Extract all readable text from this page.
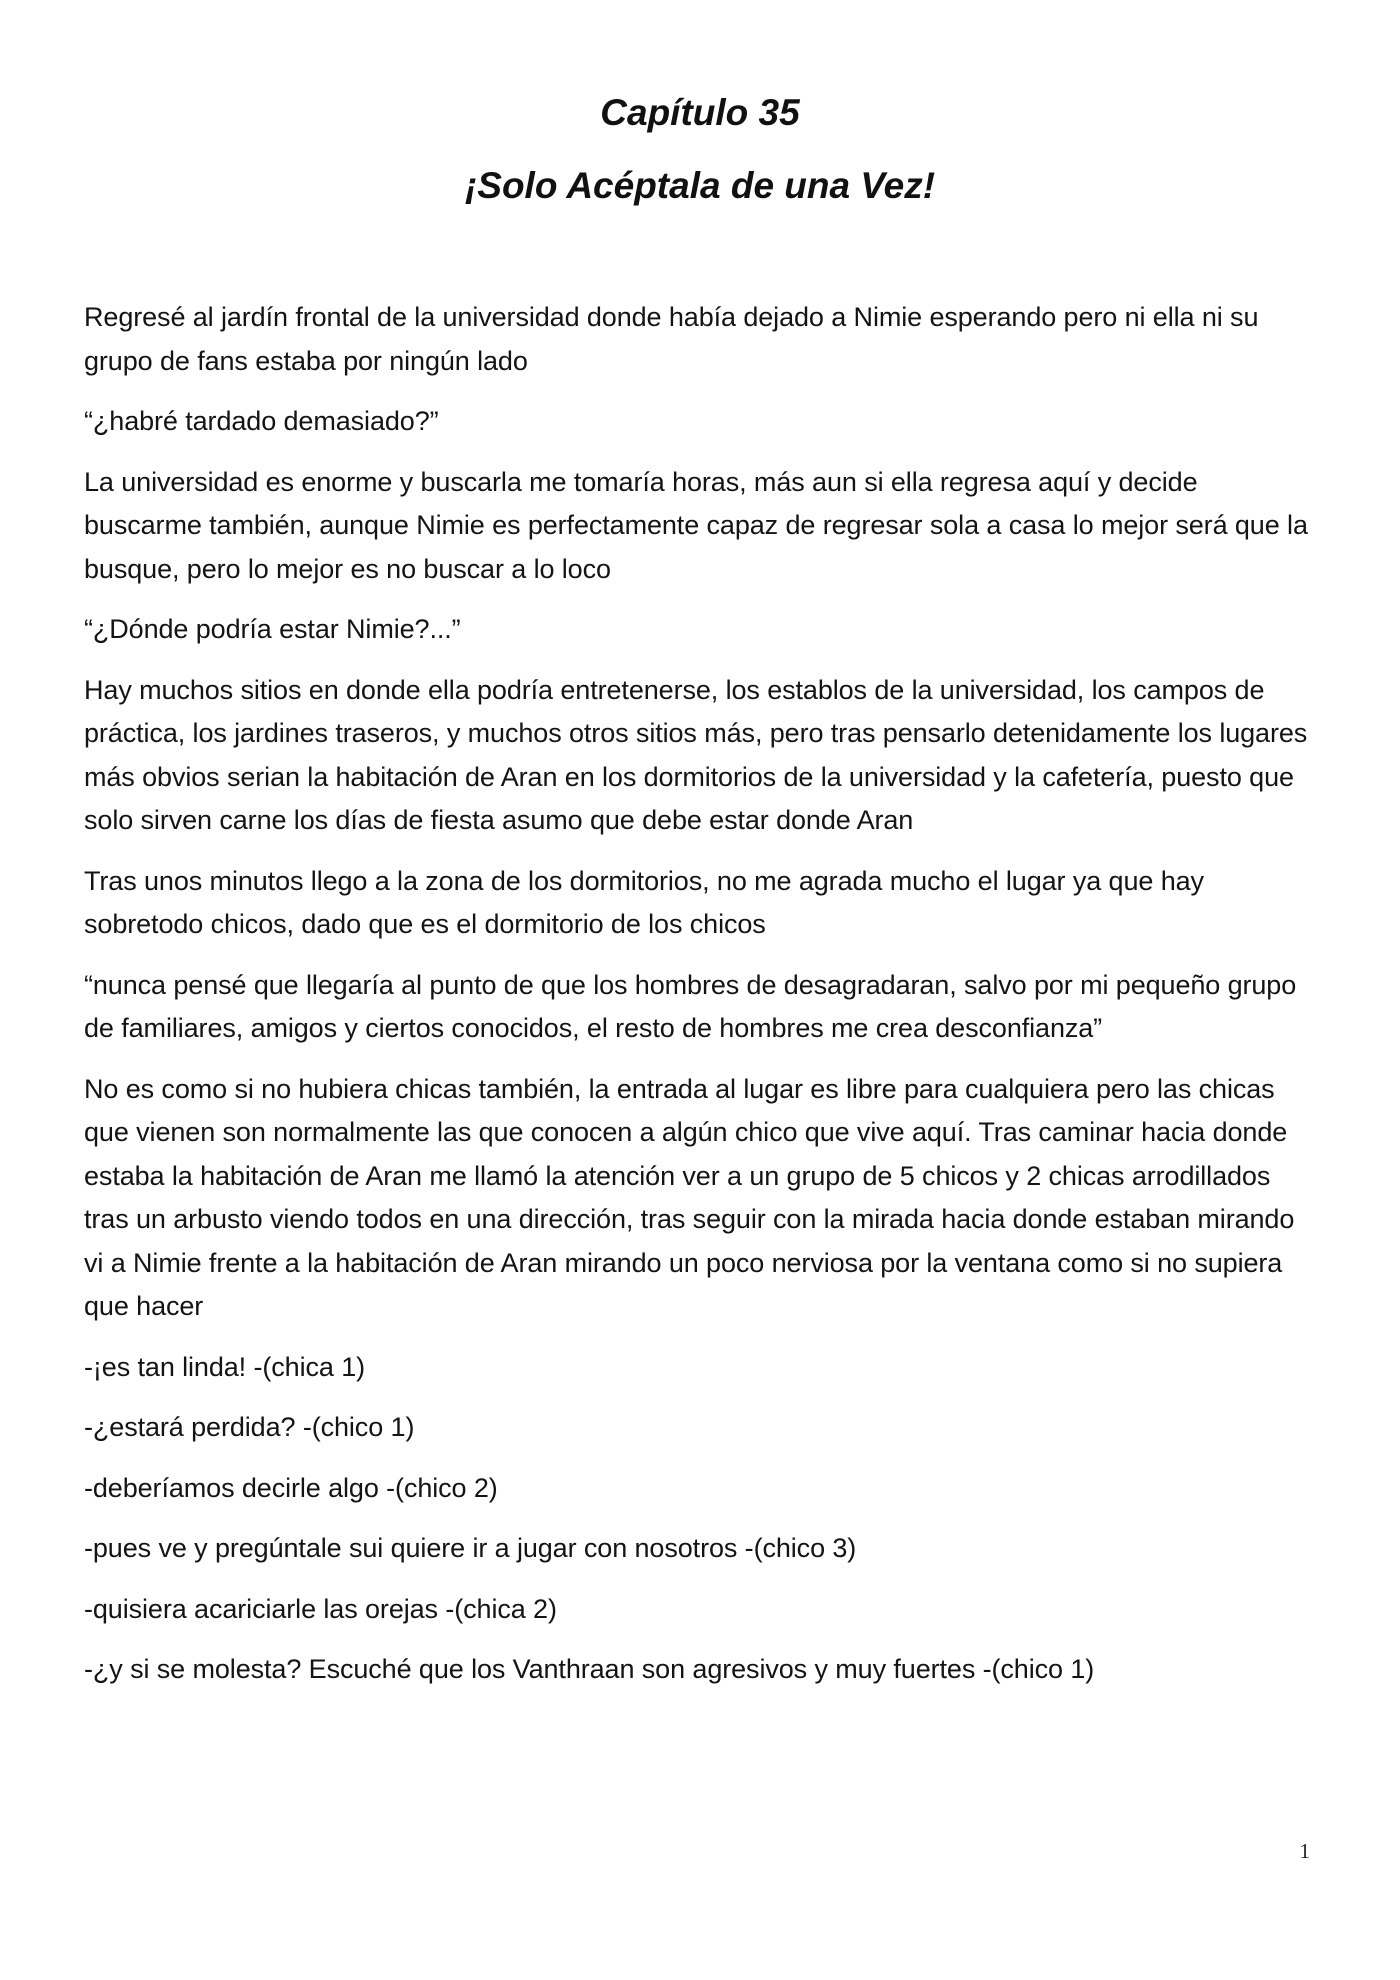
Capítulo 35
¡Solo Acéptala de una Vez!

Regresé al jardín frontal de la universidad donde había dejado a Nimie esperando pero ni ella ni su grupo de fans estaba por ningún lado

“¿habré tardado demasiado?”

La universidad es enorme y buscarla me tomaría horas, más aun si ella regresa aquí y decide buscarme también, aunque Nimie es perfectamente capaz de regresar sola a casa lo mejor será que la busque, pero lo mejor es no buscar a lo loco

“¿Dónde podría estar Nimie?...”

Hay muchos sitios en donde ella podría entretenerse, los establos de la universidad, los campos de práctica, los jardines traseros, y muchos otros sitios más, pero tras pensarlo detenidamente los lugares más obvios serian la habitación de Aran en los dormitorios de la universidad y la cafetería, puesto que solo sirven carne los días de fiesta asumo que debe estar donde Aran

Tras unos minutos llego a la zona de los dormitorios, no me agrada mucho el lugar ya que hay sobretodo chicos, dado que es el dormitorio de los chicos

“nunca pensé que llegaría al punto de que los hombres de desagradaran, salvo por mi pequeño grupo de familiares, amigos y ciertos conocidos, el resto de hombres me crea desconfianza”

No es como si no hubiera chicas también, la entrada al lugar es libre para cualquiera pero las chicas que vienen son normalmente las que conocen a algún chico que vive aquí. Tras caminar hacia donde estaba la habitación de Aran me llamó la atención ver a un grupo de 5 chicos y 2 chicas arrodillados tras un arbusto viendo todos en una dirección, tras seguir con la mirada hacia donde estaban mirando vi a Nimie frente a la habitación de Aran mirando un poco nerviosa por la ventana como si no supiera que hacer

-¡es tan linda! -(chica 1)

-¿estará perdida? -(chico 1)

-deberíamos decirle algo -(chico 2)

-pues ve y pregúntale sui quiere ir a jugar con nosotros -(chico 3)

-quisiera acariciarle las orejas -(chica 2)

-¿y si se molesta? Escuché que los Vanthraan son agresivos y muy fuertes -(chico 1)

1
